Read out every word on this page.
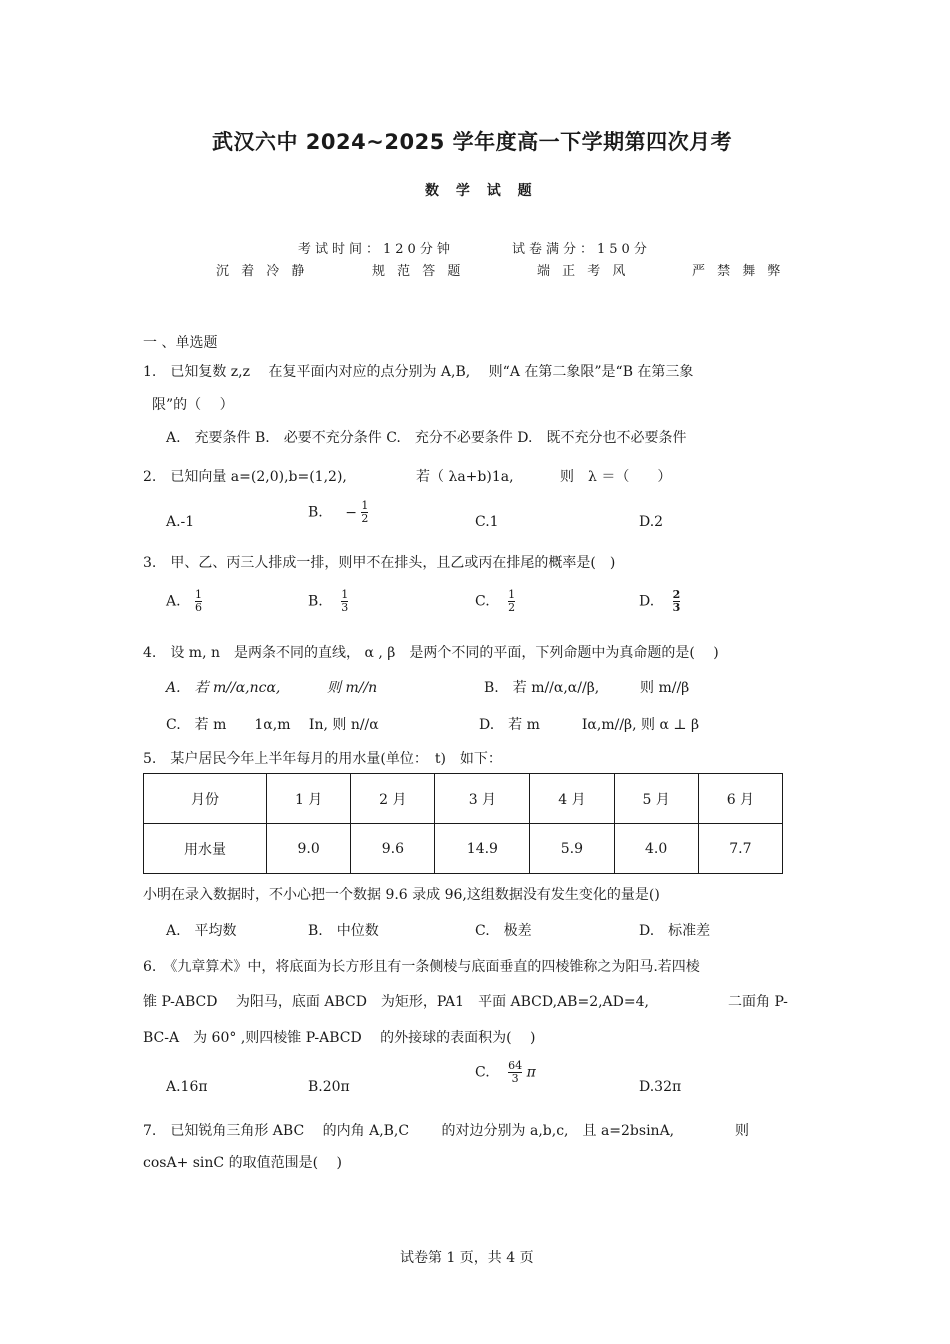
武汉六中 2024~2025 学年度高一下学期第四次月考
数 学 试 题
考试时间：120分钟	试卷满分：150分
沉 着 冷 静	规 范 答 题	端 正 考 风	严 禁 舞 弊
一 、单选题
1.　已知复数 z,z　 在复平面内对应的点分别为 A,B,　 则“A 在第二象限”是“B 在第三象
限”的（　 ）
A.　充要条件 B.　必要不充分条件 C.　充分不必要条件 D.　既不充分也不必要条件
2.　已知向量 a=(2,0),b=(1,2),	若（ λa+b)1a,	则　λ ＝（　　）
A.-1
B. − $\frac{1}{2}$	C.1	D.2
3.　甲、乙、丙三人排成一排，则甲不在排头，且乙或丙在排尾的概率是(　)
A. $\frac{1}{6}$	B. $\frac{1}{3}$	C. $\frac{1}{2}$	D. $\frac{2}{3}$
4.　设 m, n　是两条不同的直线， α , β　是两个不同的平面，下列命题中为真命题的是(　 )
A.　若 m//α,ncα,	则 m//n	B.　若 m//α,α//β,	则 m//β
C.　若 m　　1α,m　 In, 则 n//α	D.　若 m　　　Iα,m//β, 则 α ⊥ β
5.　某户居民今年上半年每月的用水量(单位：　t)　如下：
月份	1 月	2 月	3 月	4 月	5 月	6 月
用水量	9.0	9.6	14.9	5.9	4.0	7.7
小明在录入数据时，不小心把一个数据 9.6 录成 96,这组数据没有发生变化的量是()
A.　平均数	B.　中位数	C.　极差	D.　标准差
6.　《九章算术》中，将底面为长方形且有一条侧棱与底面垂直的四棱锥称之为阳马.若四棱
锥 P-ABCD　 为阳马，底面 ABCD　为矩形，PA1　平面 ABCD,AB=2,AD=4,	二面角 P-
BC-A　为 60° ,则四棱锥 P-ABCD　 的外接球的表面积为(　 )
A.16π	B.20π
C. $\frac{64}{3}$ π
D.32π
7.　已知锐角三角形 ABC　 的内角 A,B,C　　 的对边分别为 a,b,c,　且 a=2bsinA,	则
cosA+ sinC 的取值范围是(　 )
试卷第 1 页，共 4 页
